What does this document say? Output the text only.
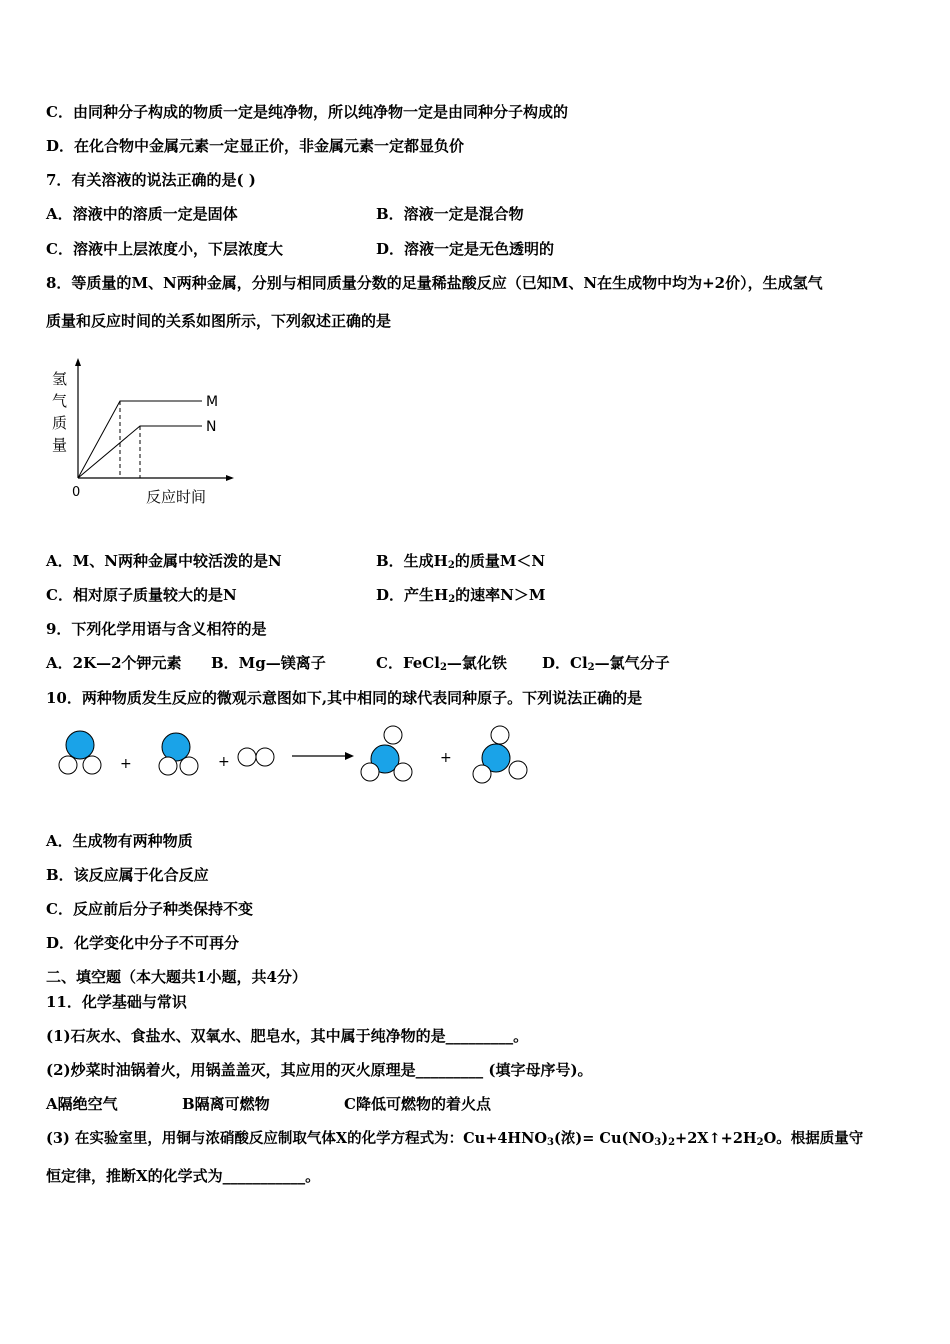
C．由同种分子构成的物质一定是纯净物，所以纯净物一定是由同种分子构成的
D．在化合物中金属元素一定显正价，非金属元素一定都显负价
7．有关溶液的说法正确的是( )
A．溶液中的溶质一定是固体	B．溶液一定是混合物
C．溶液中上层浓度小，下层浓度大	D．溶液一定是无色透明的
8．等质量的M、N两种金属，分别与相同质量分数的足量稀盐酸反应（已知M、N在生成物中均为+2价），生成氢气
质量和反应时间的关系如图所示，下列叙述正确的是
氢
气
质
量
M
N
0	反应时间
A．M、N两种金属中较活泼的是N	B．生成$H_2$的质量M＜N
C．相对原子质量较大的是N	D．产生$H_2$的速率N＞M
9．下列化学用语与含义相符的是
A．2K—2个钾元素 B．Mg—镁离子	C．FeCl$_2$—氯化铁 D．$Cl_2—$氯气分子
10．两种物质发生反应的微观示意图如下,其中相同的球代表同种原子。下列说法正确的是
+	+	+
A．生成物有两种物质
B．该反应属于化合反应
C．反应前后分子种类保持不变
D．化学变化中分子不可再分
二、填空题（本大题共1小题，共4分）
11．化学基础与常识
(1)石灰水、食盐水、双氧水、肥皂水，其中属于纯净物的是_________。
(2)炒菜时油锅着火，用锅盖盖灭，其应用的灭火原理是_________ (填字母序号)。
A隔绝空气	B隔离可燃物	C降低可燃物的着火点
(3) 在实验室里，用铜与浓硝酸反应制取气体X的化学方程式为：$Cu+4HNO_3$(浓)= $Cu(NO_3)_2+2X↑+2H_2O$。根据质量守
恒定律，推断X的化学式为___________。
